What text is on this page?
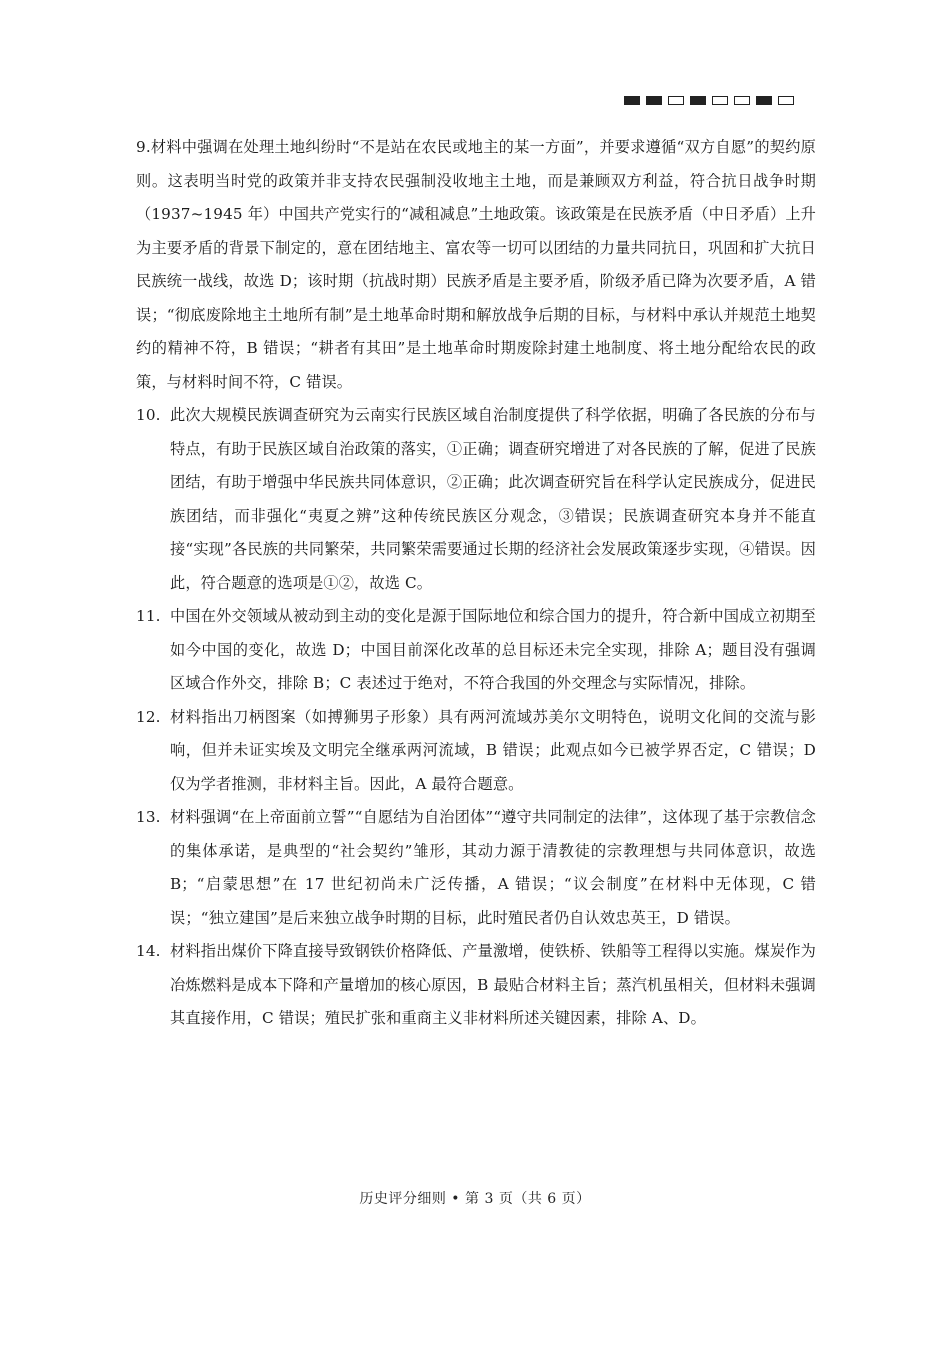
9.材料中强调在处理土地纠纷时“不是站在农民或地主的某一方面”，并要求遵循“双方自愿”的契约原则。这表明当时党的政策并非支持农民强制没收地主土地，而是兼顾双方利益，符合抗日战争时期（1937~1945 年）中国共产党实行的“减租减息”土地政策。该政策是在民族矛盾（中日矛盾）上升为主要矛盾的背景下制定的，意在团结地主、富农等一切可以团结的力量共同抗日，巩固和扩大抗日民族统一战线，故选 D；该时期（抗战时期）民族矛盾是主要矛盾，阶级矛盾已降为次要矛盾，A 错误；“彻底废除地主土地所有制”是土地革命时期和解放战争后期的目标，与材料中承认并规范土地契约的精神不符，B 错误；“耕者有其田”是土地革命时期废除封建土地制度、将土地分配给农民的政策，与材料时间不符，C 错误。
10. 此次大规模民族调查研究为云南实行民族区域自治制度提供了科学依据，明确了各民族的分布与特点，有助于民族区域自治政策的落实，①正确；调查研究增进了对各民族的了解，促进了民族团结，有助于增强中华民族共同体意识，②正确；此次调查研究旨在科学认定民族成分，促进民族团结，而非强化“夷夏之辨”这种传统民族区分观念，③错误；民族调查研究本身并不能直接“实现”各民族的共同繁荣，共同繁荣需要通过长期的经济社会发展政策逐步实现，④错误。因此，符合题意的选项是①②，故选 C。
11. 中国在外交领域从被动到主动的变化是源于国际地位和综合国力的提升，符合新中国成立初期至如今中国的变化，故选 D；中国目前深化改革的总目标还未完全实现，排除 A；题目没有强调区域合作外交，排除 B；C 表述过于绝对，不符合我国的外交理念与实际情况，排除。
12. 材料指出刀柄图案（如搏狮男子形象）具有两河流域苏美尔文明特色，说明文化间的交流与影响，但并未证实埃及文明完全继承两河流域，B 错误；此观点如今已被学界否定，C 错误；D 仅为学者推测，非材料主旨。因此，A 最符合题意。
13. 材料强调“在上帝面前立誓”“自愿结为自治团体”“遵守共同制定的法律”，这体现了基于宗教信念的集体承诺，是典型的“社会契约”雏形，其动力源于清教徒的宗教理想与共同体意识，故选 B；“启蒙思想”在 17 世纪初尚未广泛传播，A 错误；“议会制度”在材料中无体现，C 错误；“独立建国”是后来独立战争时期的目标，此时殖民者仍自认效忠英王，D 错误。
14. 材料指出煤价下降直接导致钢铁价格降低、产量激增，使铁桥、铁船等工程得以实施。煤炭作为冶炼燃料是成本下降和产量增加的核心原因，B 最贴合材料主旨；蒸汽机虽相关，但材料未强调其直接作用，C 错误；殖民扩张和重商主义非材料所述关键因素，排除 A、D。
历史评分细则 • 第 3 页（共 6 页）
